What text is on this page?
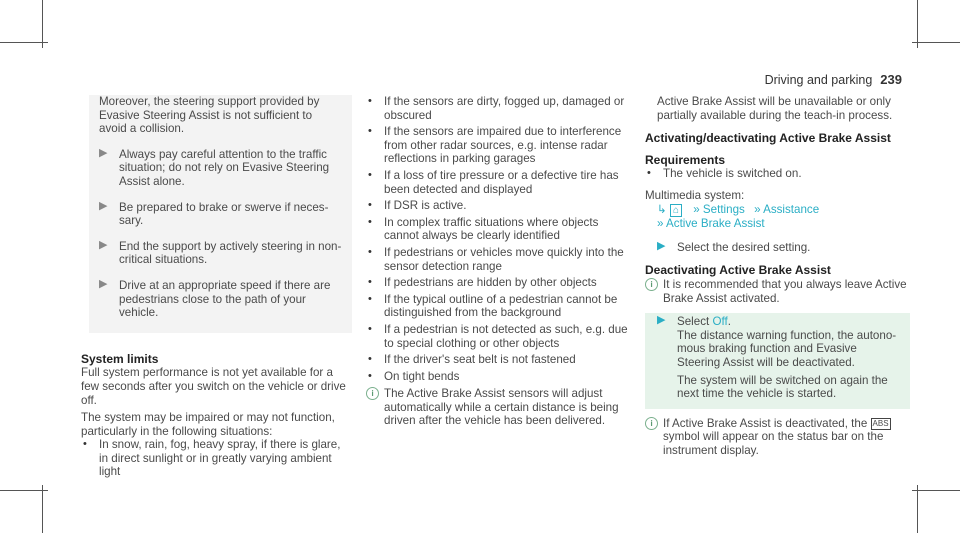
Driving and parking 239

Moreover, the steering support provided by Evasive Steering Assist is not sufficient to avoid a collision.

▶ Always pay careful attention to the traffic situation; do not rely on Evasive Steering Assist alone.
▶ Be prepared to brake or swerve if neces-sary.
▶ End the support by actively steering in non-critical situations.
▶ Drive at an appropriate speed if there are pedestrians close to the path of your vehicle.
System limits

Full system performance is not yet available for a few seconds after you switch on the vehicle or drive off.

The system may be impaired or may not function, particularly in the following situations:

• In snow, rain, fog, heavy spray, if there is glare, in direct sunlight or in greatly varying ambient light
• If the sensors are dirty, fogged up, damaged or obscured
• If the sensors are impaired due to interference from other radar sources, e.g. intense radar reflections in parking garages
• If a loss of tire pressure or a defective tire has been detected and displayed
• If DSR is active.
• In complex traffic situations where objects cannot always be clearly identified
• If pedestrians or vehicles move quickly into the sensor detection range
• If pedestrians are hidden by other objects
• If the typical outline of a pedestrian cannot be distinguished from the background
• If a pedestrian is not detected as such, e.g. due to special clothing or other objects
• If the driver's seat belt is not fastened
• On tight bends
i The Active Brake Assist sensors will adjust automatically while a certain distance is being driven after the vehicle has been delivered.

Active Brake Assist will be unavailable or only partially available during the teach-in process.

Activating/deactivating Active Brake Assist
Requirements
• The vehicle is switched on.

Multimedia system:

↳ ⌂ » Settings » Assistance
» Active Brake Assist
▶ Select the desired setting.
Deactivating Active Brake Assist
i It is recommended that you always leave Active Brake Assist activated.
▶ Select Off.
The distance warning function, the autono-mous braking function and Evasive Steering Assist will be deactivated.

The system will be switched on again the next time the vehicle is started.

i If Active Brake Assist is deactivated, the ABS symbol will appear on the status bar on the instrument display.
